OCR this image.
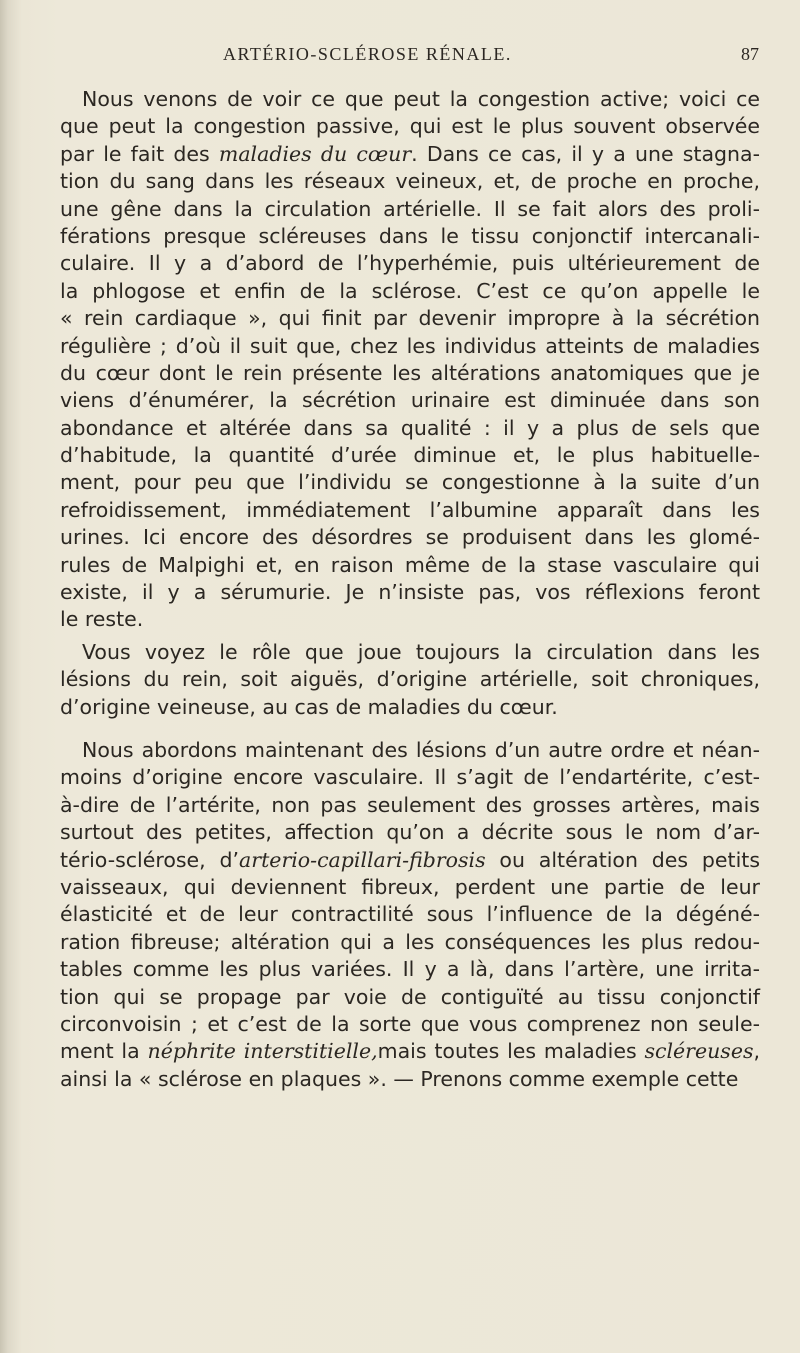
ARTÉRIO-SCLÉROSE RÉNALE.	87
Nous venons de voir ce que peut la congestion active; voici ce
que peut la congestion passive, qui est le plus souvent observée
par le fait des maladies du cœur. Dans ce cas, il y a une stagna-
tion du sang dans les réseaux veineux, et, de proche en proche,
une gêne dans la circulation artérielle. Il se fait alors des proli-
férations presque scléreuses dans le tissu conjonctif intercanali-
culaire. Il y a d’abord de l’hyperhémie, puis ultérieurement de
la phlogose et enfin de la sclérose. C’est ce qu’on appelle le
« rein cardiaque », qui finit par devenir impropre à la sécrétion
régulière ; d’où il suit que, chez les individus atteints de maladies
du cœur dont le rein présente les altérations anatomiques que je
viens d’énumérer, la sécrétion urinaire est diminuée dans son
abondance et altérée dans sa qualité : il y a plus de sels que
d’habitude, la quantité d’urée diminue et, le plus habituelle-
ment, pour peu que l’individu se congestionne à la suite d’un
refroidissement, immédiatement l’albumine apparaît dans les
urines. Ici encore des désordres se produisent dans les glomé-
rules de Malpighi et, en raison même de la stase vasculaire qui
existe, il y a sérumurie. Je n’insiste pas, vos réflexions feront
le reste.
Vous voyez le rôle que joue toujours la circulation dans les
lésions du rein, soit aiguës, d’origine artérielle, soit chroniques,
d’origine veineuse, au cas de maladies du cœur.
Nous abordons maintenant des lésions d’un autre ordre et néan-
moins d’origine encore vasculaire. Il s’agit de l’endartérite, c’est-
à-dire de l’artérite, non pas seulement des grosses artères, mais
surtout des petites, affection qu’on a décrite sous le nom d’ar-
tério-sclérose, d’arterio-capillari-fibrosis ou altération des petits
vaisseaux, qui deviennent fibreux, perdent une partie de leur
élasticité et de leur contractilité sous l’influence de la dégéné-
ration fibreuse; altération qui a les conséquences les plus redou-
tables comme les plus variées. Il y a là, dans l’artère, une irrita-
tion qui se propage par voie de contiguïté au tissu conjonctif
circonvoisin ; et c’est de la sorte que vous comprenez non seule-
ment la néphrite interstitielle,mais toutes les maladies scléreuses,
ainsi la « sclérose en plaques ». — Prenons comme exemple cette
